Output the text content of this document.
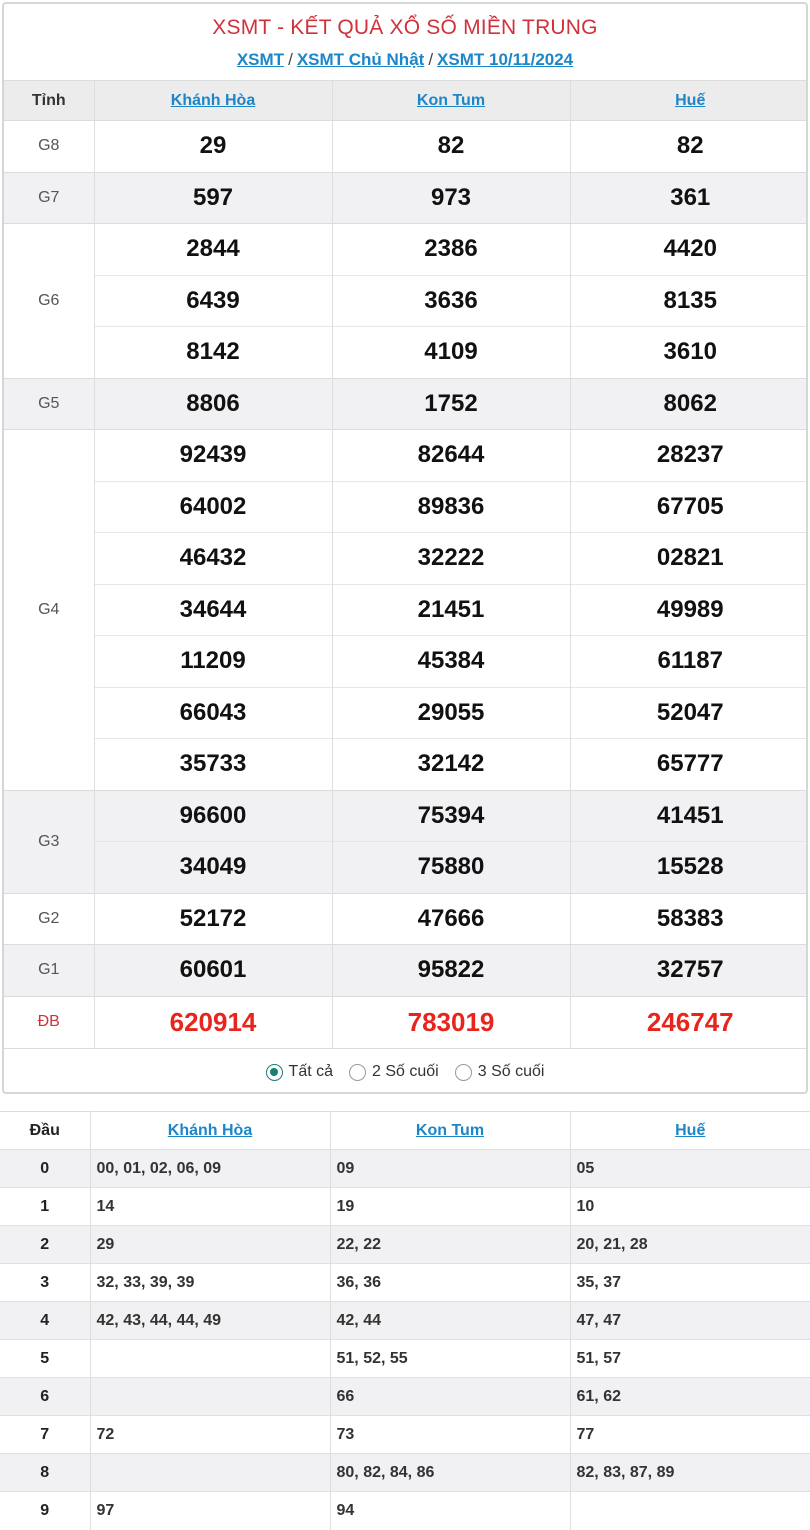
XSMT - KẾT QUẢ XỔ SỐ MIỀN TRUNG
XSMT / XSMT Chủ Nhật / XSMT 10/11/2024
Tỉnh	Khánh Hòa	Kon Tum	Huế
G8	29	82	82
G7	597	973	361
G6	2844	2386	4420
	6439	3636	8135
	8142	4109	3610
G5	8806	1752	8062
G4	92439	82644	28237
	64002	89836	67705
	46432	32222	02821
	34644	21451	49989
	11209	45384	61187
	66043	29055	52047
	35733	32142	65777
G3	96600	75394	41451
	34049	75880	15528
G2	52172	47666	58383
G1	60601	95822	32757
ĐB	620914	783019	246747
Tất cả 2 Số cuối 3 Số cuối
Đầu	Khánh Hòa	Kon Tum	Huế
0	00, 01, 02, 06, 09	09	05
1	14	19	10
2	29	22, 22	20, 21, 28
3	32, 33, 39, 39	36, 36	35, 37
4	42, 43, 44, 44, 49	42, 44	47, 47
5		51, 52, 55	51, 57
6		66	61, 62
7	72	73	77
8		80, 82, 84, 86	82, 83, 87, 89
9	97	94	
